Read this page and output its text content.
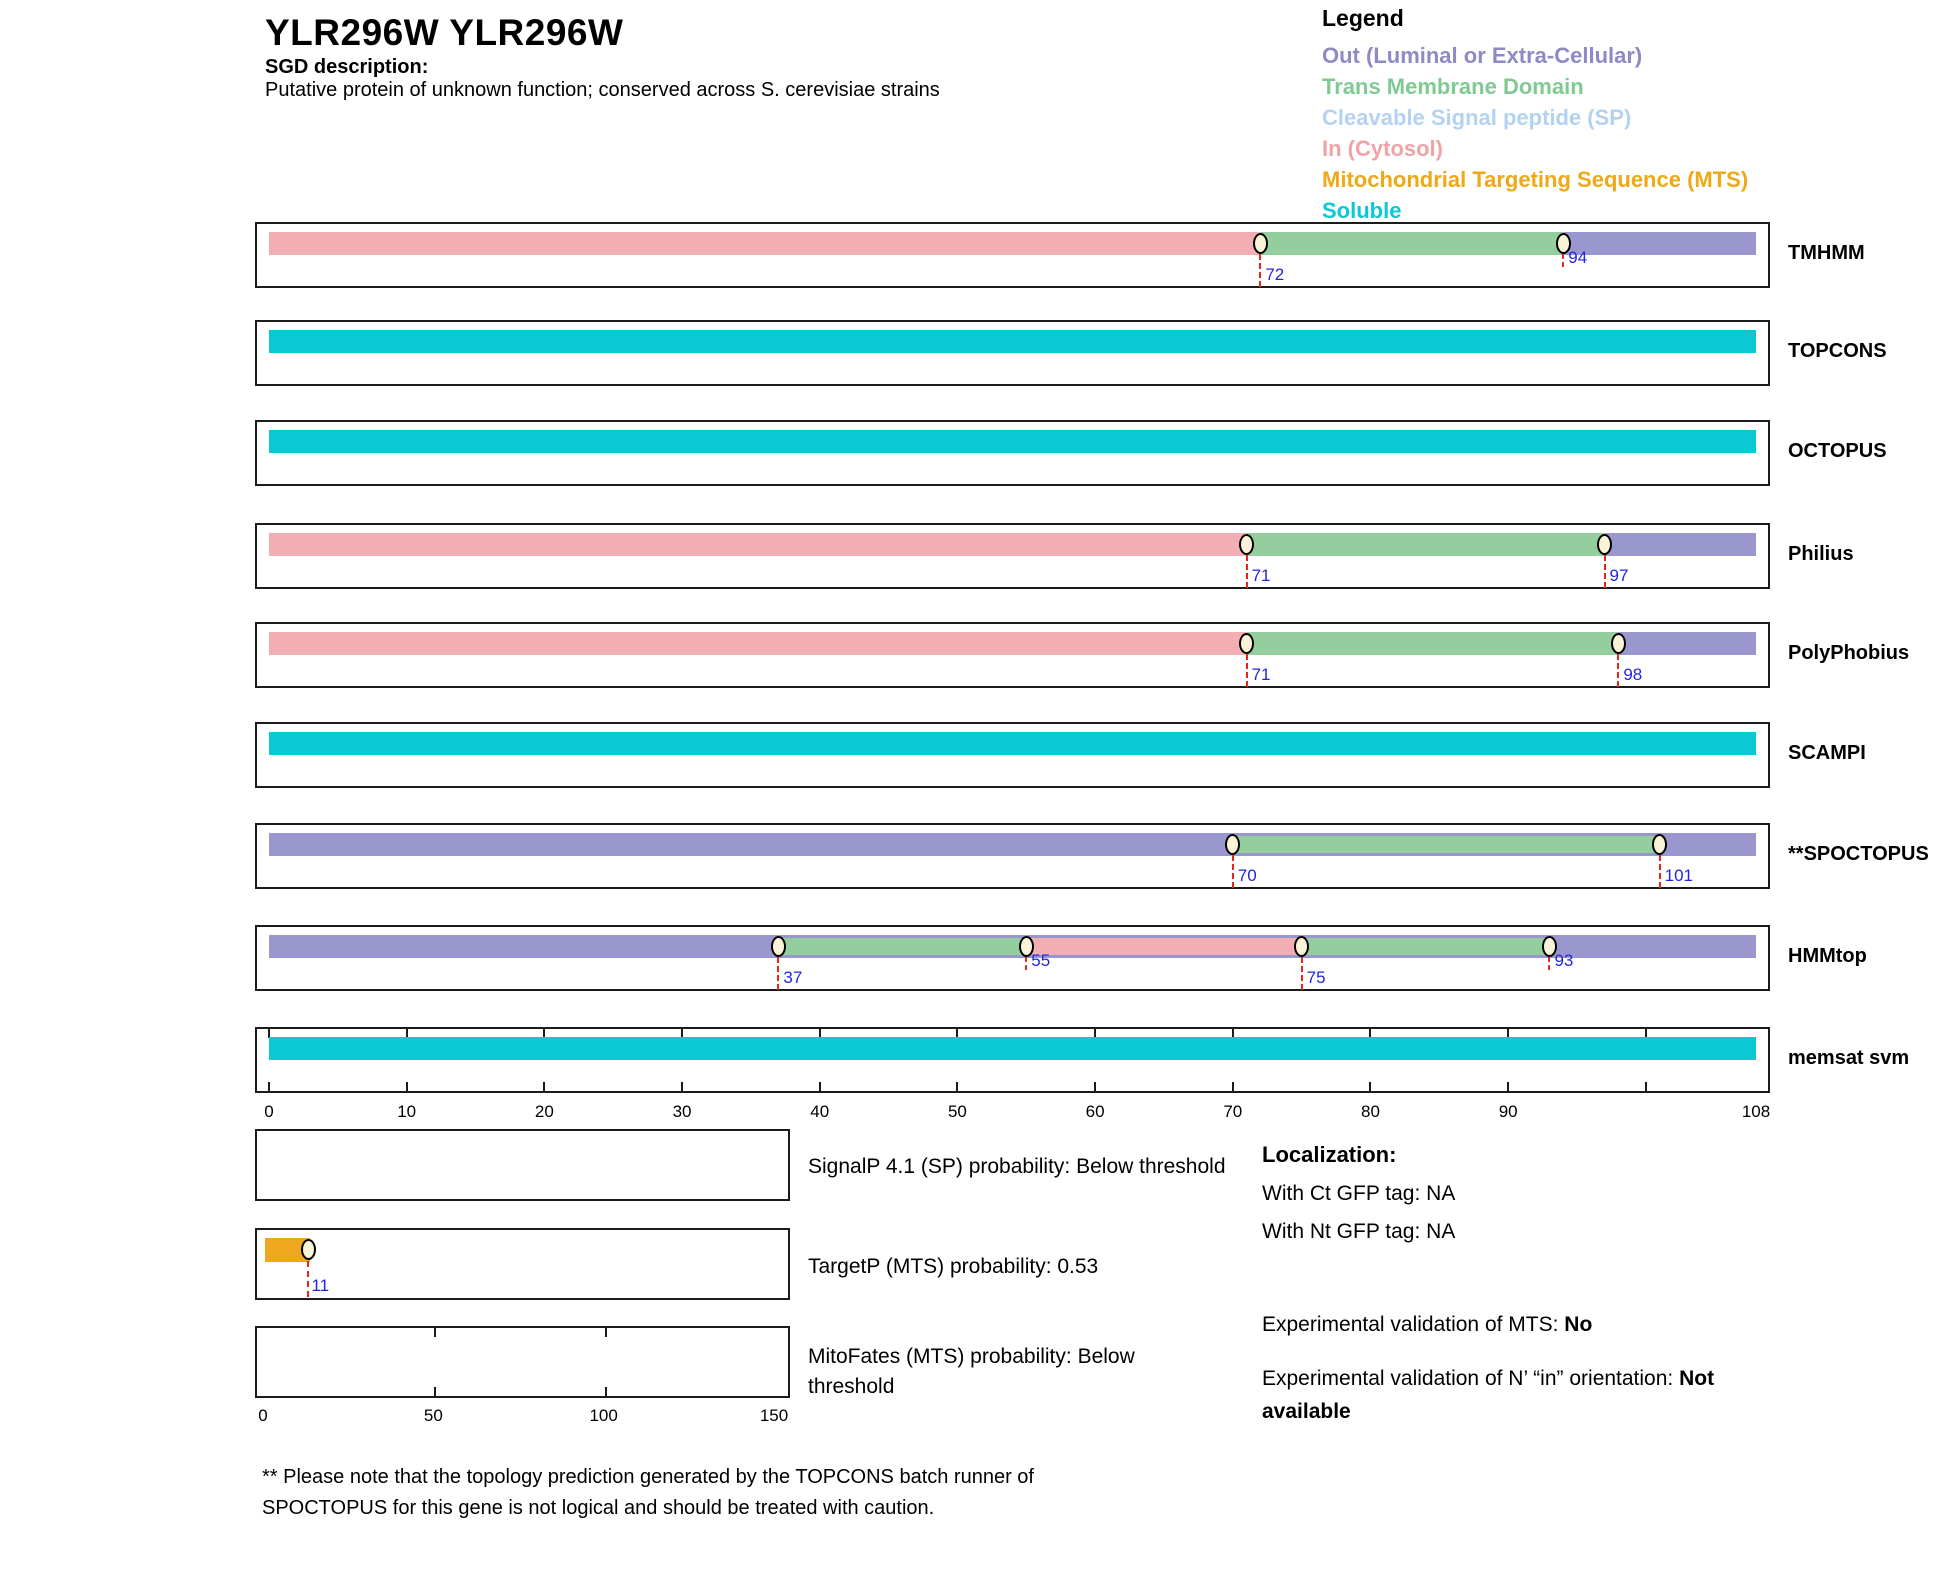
YLR296W YLR296W
SGD description:
Putative protein of unknown function; conserved across S. cerevisiae strains
Legend
Out (Luminal or Extra-Cellular)
Trans Membrane Domain
Cleavable Signal peptide (SP)
In (Cytosol)
Mitochondrial Targeting Sequence (MTS)
Soluble
72
94	TMHMM
TOPCONS
OCTOPUS
71	97
Philius
71	98
PolyPhobius
SCAMPI
70	101
**SPOCTOPUS
37
55
75
93	HMMtop
memsat svm
0	10	20	30	40	50	60	70	80	90	108
SignalP 4.1 (SP) probability: Below threshold
11
TargetP (MTS) probability: 0.53
MitoFates (MTS) probability: Below
threshold
0	50	100	150
Localization:
With Ct GFP tag: NA
With Nt GFP tag: NA
Experimental validation of MTS: No
Experimental validation of N’ “in” orientation: Not available
** Please note that the topology prediction generated by the TOPCONS batch runner of
SPOCTOPUS for this gene is not logical and should be treated with caution.
